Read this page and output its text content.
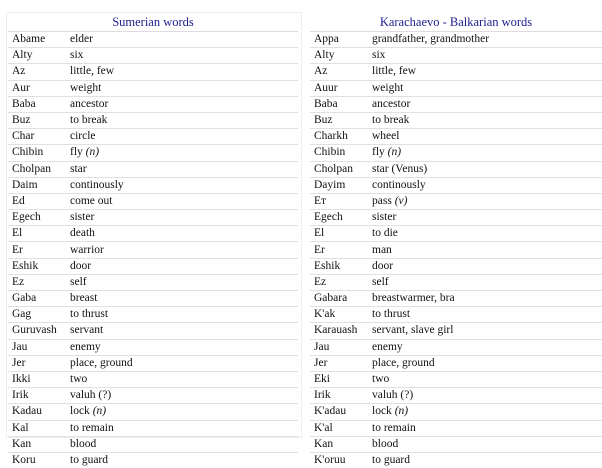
Sumerian words	
Abame	elder
Alty	six
Az	little, few
Aur	weight
Baba	ancestor
Buz	to break
Char	circle
Chibin	fly (n)
Cholpan	star
Daim	continously
Ed	come out
Egech	sister
El	death
Er	warrior
Eshik	door
Ez	self
Gaba	breast
Gag	to thrust
Guruvash	servant
Jau	enemy
Jer	place, ground
Ikki	two
Irik	valuh (?)
Kadau	lock (n)
Kal	to remain
Kan	blood
Koru	to guard
Karachaevo - Balkarian words	
Appa	grandfather, grandmother
Alty	six
Az	little, few
Auur	weight
Baba	ancestor
Buz	to break
Charkh	wheel
Chibin	fly (n)
Cholpan	star (Venus)
Dayim	continously
Ет	pass (v)
Egech	sister
El	to die
Er	man
Eshik	door
Ez	self
Gabara	breastwarmer, bra
K'ak	to thrust
Karauash	servant, slave girl
Jau	enemy
Jer	place, ground
Eki	two
Irik	valuh (?)
K'adau	lock (n)
K'al	to remain
Kan	blood
K'oruu	to guard
